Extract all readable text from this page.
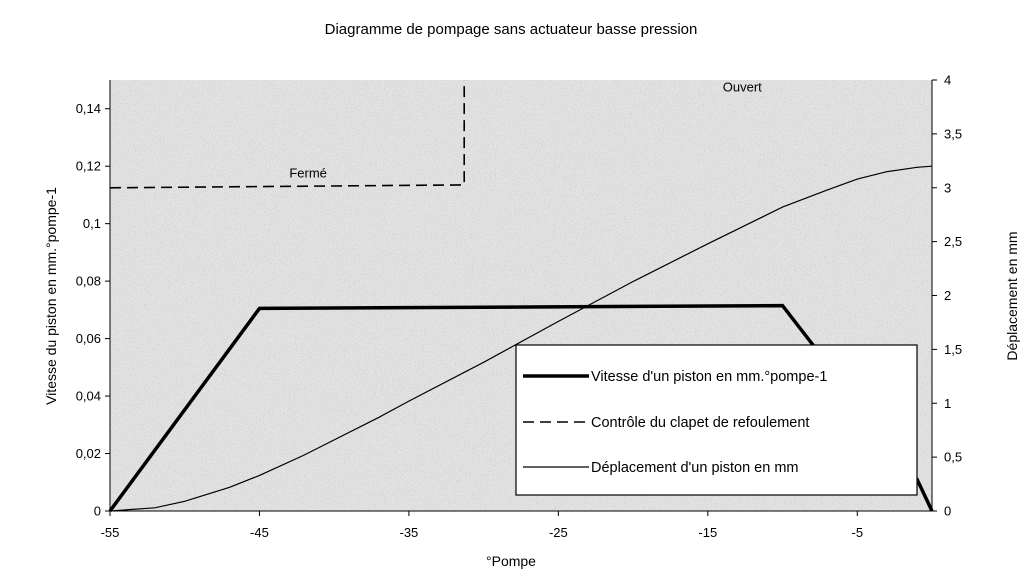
Diagramme de pompage sans actuateur basse pression
Fermé
Ouvert
-55	-45	-35	-25	-15	-5
0
0,02
0,04
0,06
0,08
0,1
0,12
0,14
0
0,5
1
1,5
2
2,5
3
3,5
4
°Pompe
Vitesse du piston en mm.°pompe-1	Déplacement en mm
Vitesse d'un piston en mm.°pompe-1
Contrôle du clapet de refoulement
Déplacement d'un piston en mm
